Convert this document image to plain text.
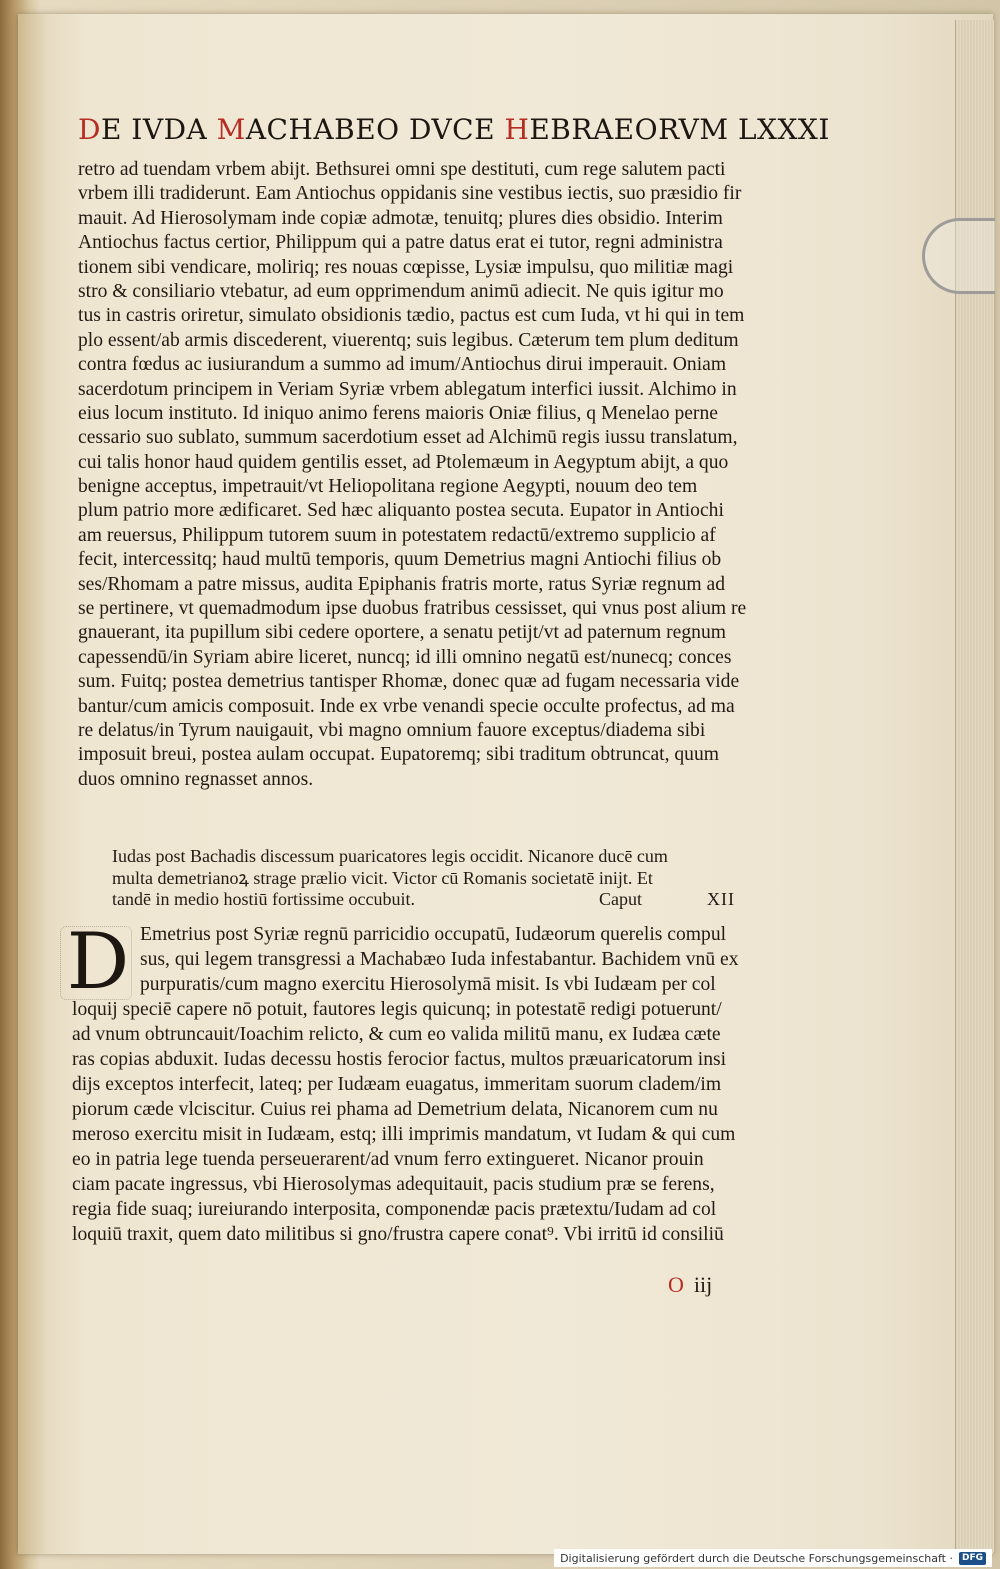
DE IVDA MACHABEO DVCE HEBRAEORVM LXXXI
retro ad tuendam vrbem abijt. Bethsurei omni spe destituti, cum rege salutem pacti
vrbem illi tradiderunt. Eam Antiochus oppidanis sine vestibus iectis, suo præsidio fir
mauit. Ad Hierosolymam inde copiæ admotæ, tenuitq; plures dies obsidio. Interim
Antiochus factus certior, Philippum qui a patre datus erat ei tutor, regni administra
tionem sibi vendicare, moliriq; res nouas cœpisse, Lysiæ impulsu, quo militiæ magi
stro & consiliario vtebatur, ad eum opprimendum animū adiecit. Ne quis igitur mo
tus in castris oriretur, simulato obsidionis tædio, pactus est cum Iuda, vt hi qui in tem
plo essent/ab armis discederent, viuerentq; suis legibus. Cæterum tem plum deditum
contra fœdus ac iusiurandum a summo ad imum/Antiochus dirui imperauit. Oniam
sacerdotum principem in Veriam Syriæ vrbem ablegatum interfici iussit. Alchimo in
eius locum instituto. Id iniquo animo ferens maioris Oniæ filius, q Menelao perne
cessario suo sublato, summum sacerdotium esset ad Alchimū regis iussu translatum,
cui talis honor haud quidem gentilis esset, ad Ptolemæum in Aegyptum abijt, a quo
benigne acceptus, impetrauit/vt Heliopolitana regione Aegypti, nouum deo tem
plum patrio more ædificaret. Sed hæc aliquanto postea secuta. Eupator in Antiochi
am reuersus, Philippum tutorem suum in potestatem redactū/extremo supplicio af
fecit, intercessitq; haud multū temporis, quum Demetrius magni Antiochi filius ob
ses/Rhomam a patre missus, audita Epiphanis fratris morte, ratus Syriæ regnum ad
se pertinere, vt quemadmodum ipse duobus fratribus cessisset, qui vnus post alium re
gnauerant, ita pupillum sibi cedere oportere, a senatu petijt/vt ad paternum regnum
capessendū/in Syriam abire liceret, nuncq; id illi omnino negatū est/nunecq; conces
sum. Fuitq; postea demetrius tantisper Rhomæ, donec quæ ad fugam necessaria vide
bantur/cum amicis composuit. Inde ex vrbe venandi specie occulte profectus, ad ma
re delatus/in Tyrum nauigauit, vbi magno omnium fauore exceptus/diadema sibi
imposuit breui, postea aulam occupat. Eupatoremq; sibi traditum obtruncat, quum
duos omnino regnasset annos.
Iudas post Bachadis discessum puaricatores legis occidit. Nicanore ducē cum
multa demetrianoꝝ strage prælio vicit. Victor cū Romanis societatē inijt. Et
tandē in medio hostiū fortissime occubuit.	Caput	XII
D Emetrius post Syriæ regnū parricidio occupatū, Iudæorum querelis compul
sus, qui legem transgressi a Machabæo Iuda infestabantur. Bachidem vnū ex
purpuratis/cum magno exercitu Hierosolymā misit. Is vbi Iudæam per col
loquij speciē capere nō potuit, fautores legis quicunq; in potestatē redigi potuerunt/
ad vnum obtruncauit/Ioachim relicto, & cum eo valida militū manu, ex Iudæa cæte
ras copias abduxit. Iudas decessu hostis ferocior factus, multos præuaricatorum insi
dijs exceptos interfecit, lateq; per Iudæam euagatus, immeritam suorum cladem/im
piorum cæde vlciscitur. Cuius rei phama ad Demetrium delata, Nicanorem cum nu
meroso exercitu misit in Iudæam, estq; illi imprimis mandatum, vt Iudam & qui cum
eo in patria lege tuenda perseuerarent/ad vnum ferro extingueret. Nicanor prouin
ciam pacate ingressus, vbi Hierosolymas adequitauit, pacis studium præ se ferens,
regia fide suaq; iureiurando interposita, componendæ pacis prætextu/Iudam ad col
loquiū traxit, quem dato militibus si gno/frustra capere conat⁹. Vbi irritū id consiliū
O iij
Digitalisierung gefördert durch die Deutsche Forschungsgemeinschaft ·	DFG
